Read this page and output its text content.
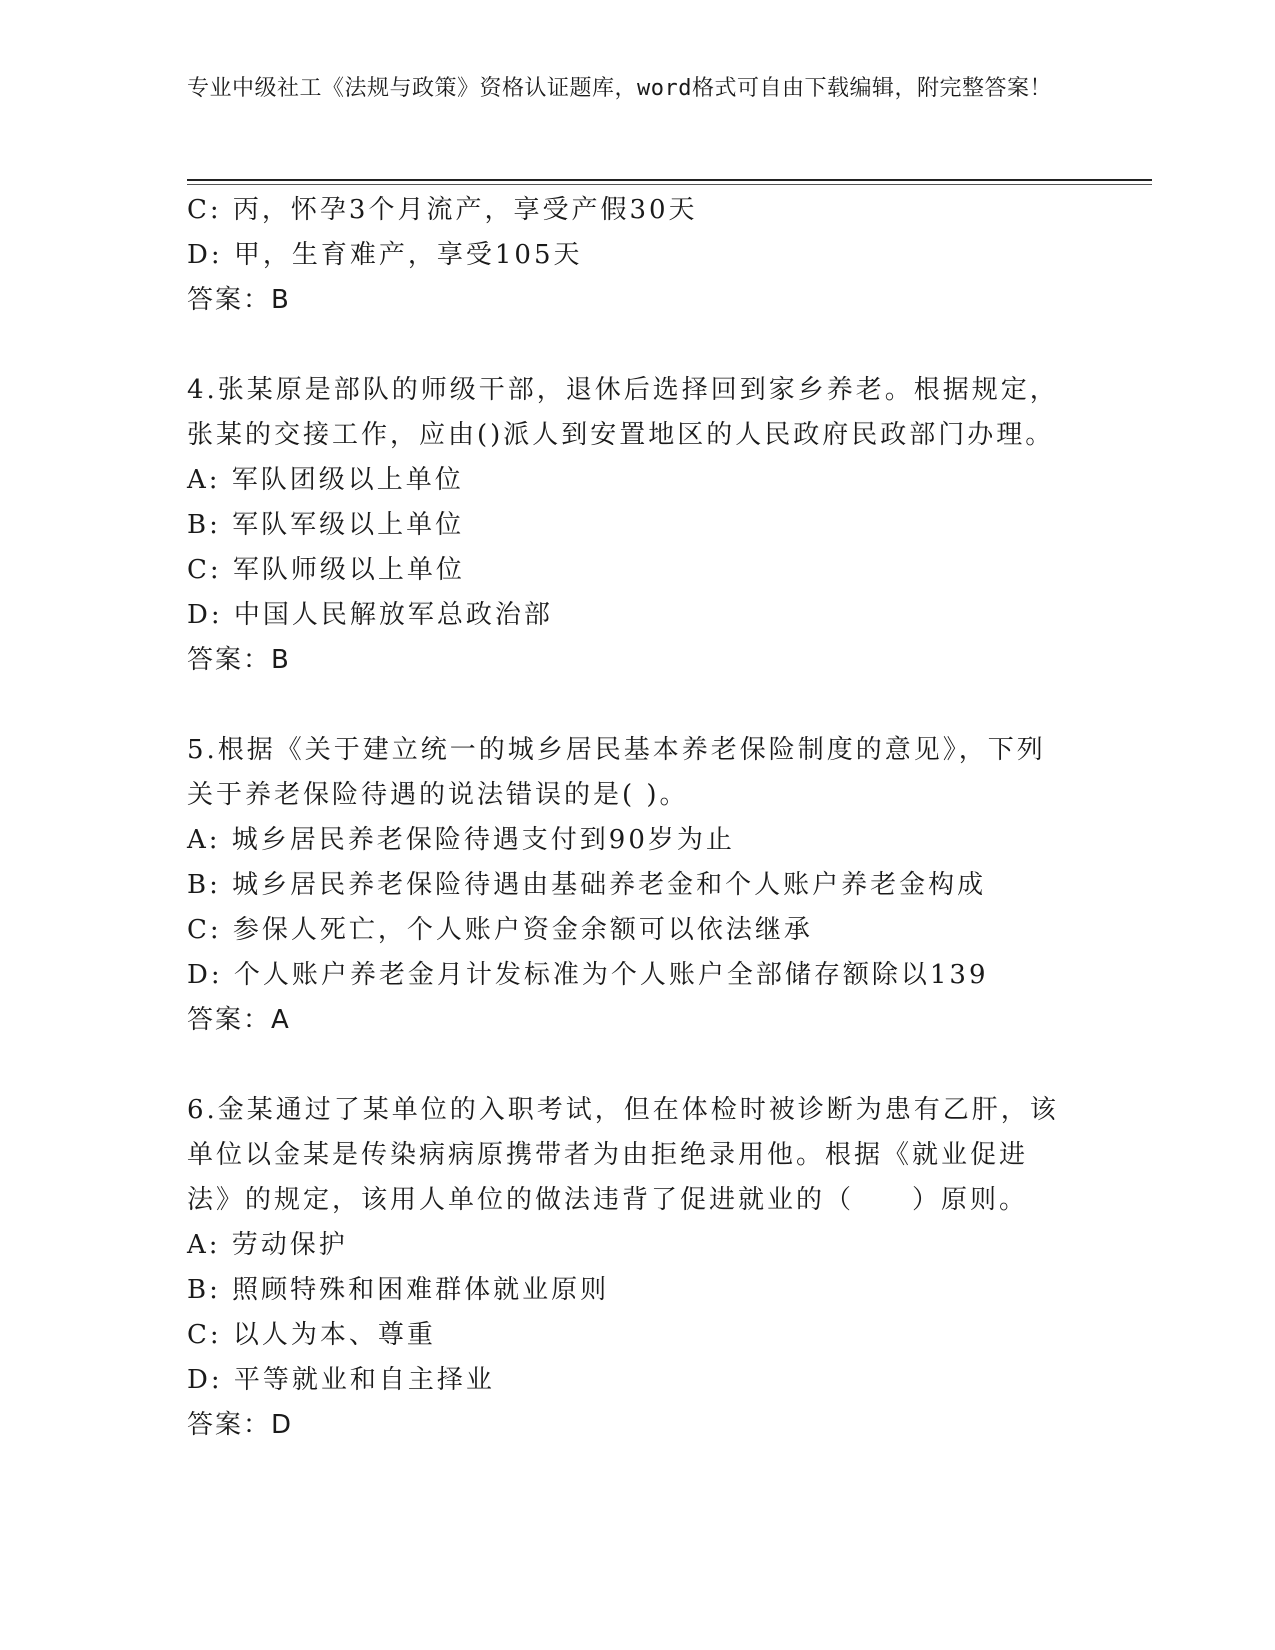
专业中级社工《法规与政策》资格认证题库，word格式可自由下载编辑，附完整答案！
C: 丙，怀孕3个月流产，享受产假30天
D: 甲，生育难产，享受105天
答案：B
4.张某原是部队的师级干部，退休后选择回到家乡养老。根据规定，张某的交接工作，应由()派人到安置地区的人民政府民政部门办理。
A: 军队团级以上单位
B: 军队军级以上单位
C: 军队师级以上单位
D: 中国人民解放军总政治部
答案：B
5.根据《关于建立统一的城乡居民基本养老保险制度的意见》，下列关于养老保险待遇的说法错误的是( )。
A: 城乡居民养老保险待遇支付到90岁为止
B: 城乡居民养老保险待遇由基础养老金和个人账户养老金构成
C: 参保人死亡，个人账户资金余额可以依法继承
D: 个人账户养老金月计发标准为个人账户全部储存额除以139
答案：A
6.金某通过了某单位的入职考试，但在体检时被诊断为患有乙肝，该单位以金某是传染病病原携带者为由拒绝录用他。根据《就业促进法》的规定，该用人单位的做法违背了促进就业的（　　）原则。
A: 劳动保护
B: 照顾特殊和困难群体就业原则
C: 以人为本、尊重
D: 平等就业和自主择业
答案：D
